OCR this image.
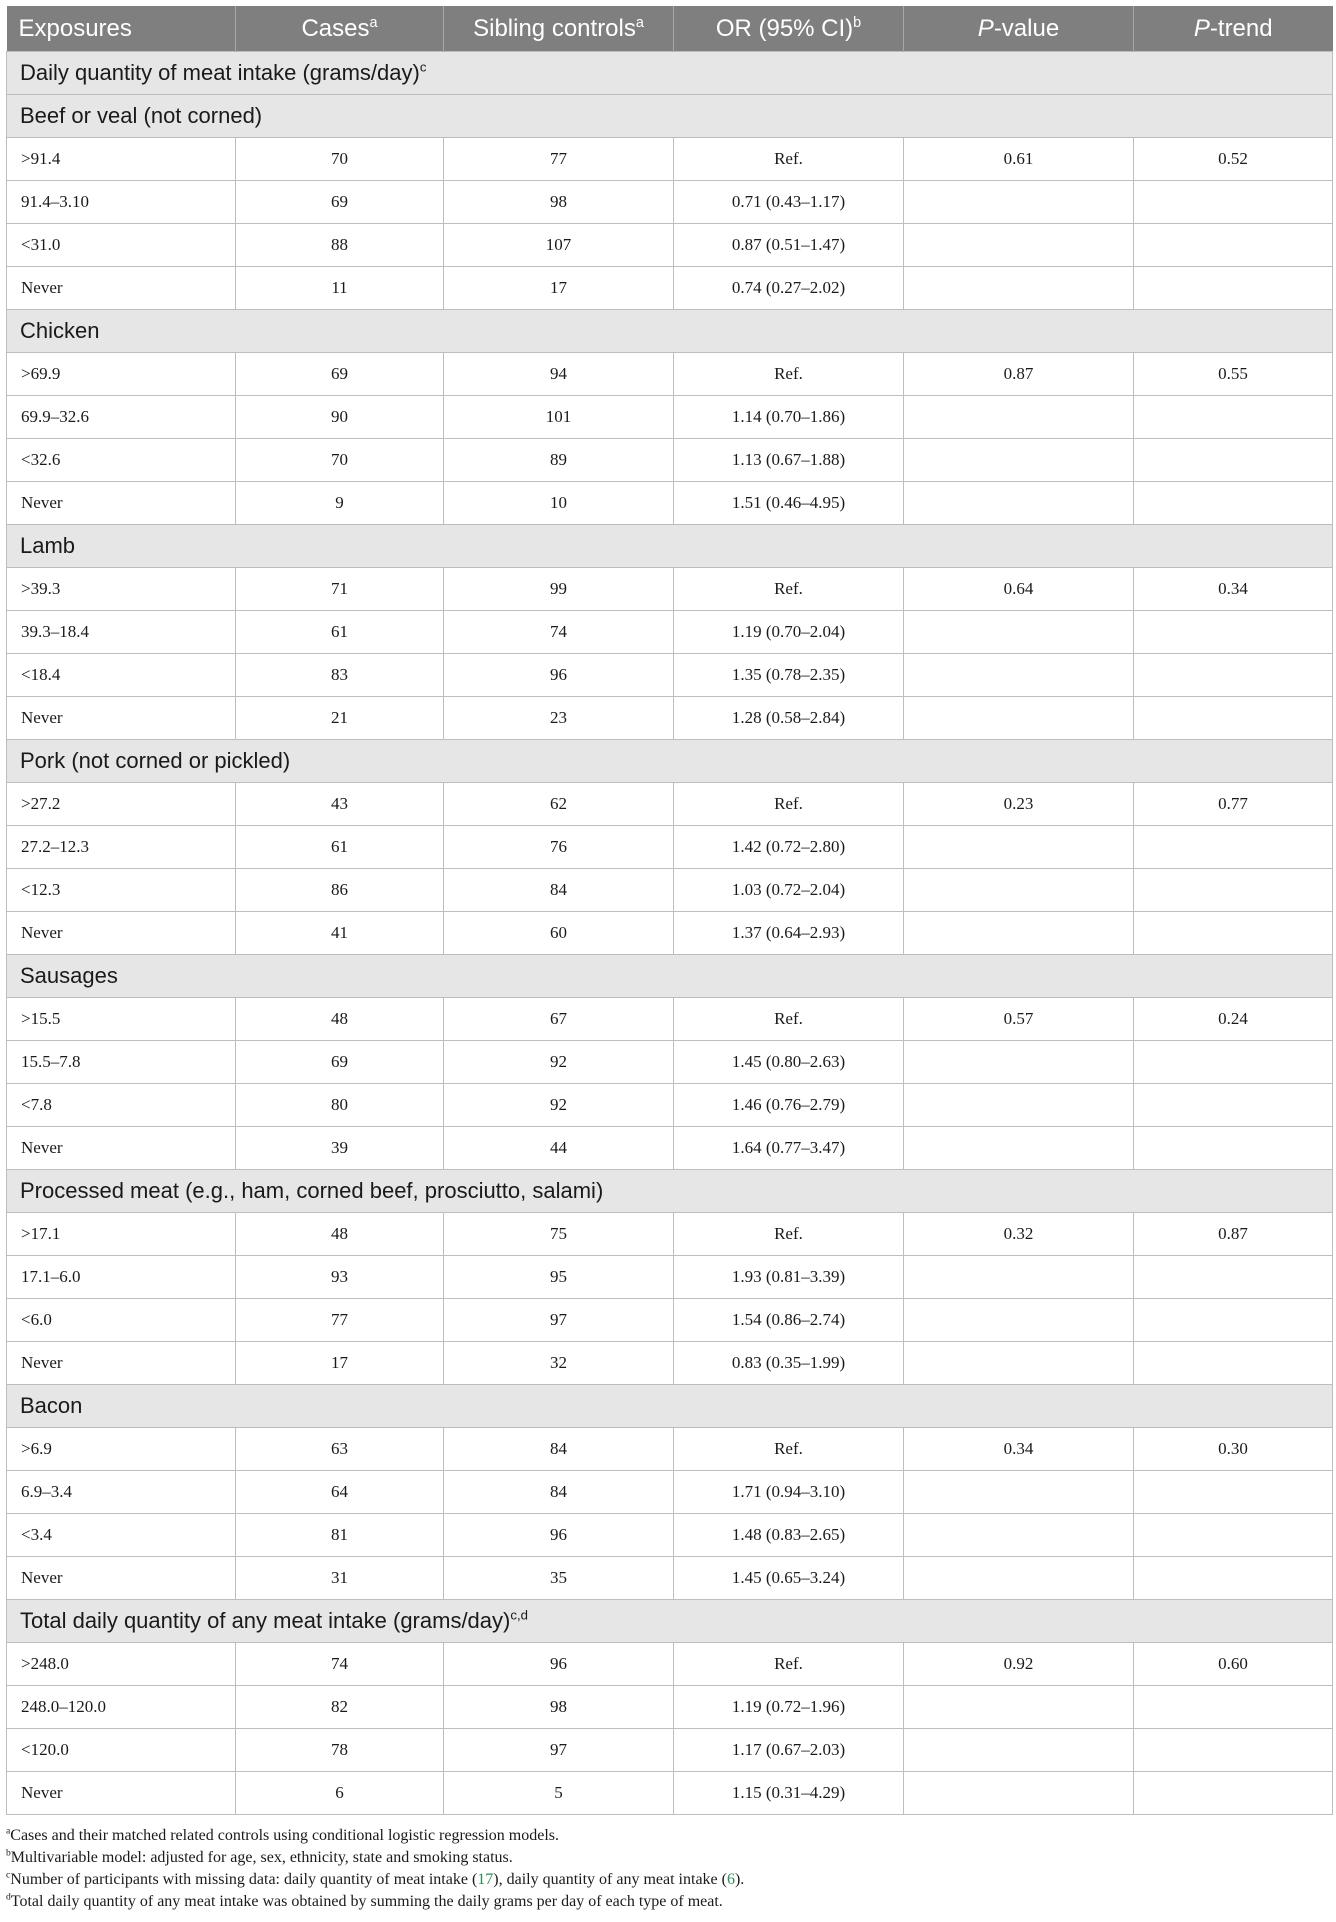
Exposures	Cases$^a$	Sibling controls$^a$	OR (95% CI)$^b$	P-value	P-trend
Daily quantity of meat intake (grams/day)$^c$
Beef or veal (not corned)					
>91.4	70	77	Ref.	0.61	0.52
91.4–3.10	69	98	0.71 (0.43–1.17)		
<31.0	88	107	0.87 (0.51–1.47)		
Never	11	17	0.74 (0.27–2.02)		
Chicken					
>69.9	69	94	Ref.	0.87	0.55
69.9–32.6	90	101	1.14 (0.70–1.86)		
<32.6	70	89	1.13 (0.67–1.88)		
Never	9	10	1.51 (0.46–4.95)		
Lamb					
>39.3	71	99	Ref.	0.64	0.34
39.3–18.4	61	74	1.19 (0.70–2.04)		
<18.4	83	96	1.35 (0.78–2.35)		
Never	21	23	1.28 (0.58–2.84)		
Pork (not corned or pickled)					
>27.2	43	62	Ref.	0.23	0.77
27.2–12.3	61	76	1.42 (0.72–2.80)		
<12.3	86	84	1.03 (0.72–2.04)		
Never	41	60	1.37 (0.64–2.93)		
Sausages					
>15.5	48	67	Ref.	0.57	0.24
15.5–7.8	69	92	1.45 (0.80–2.63)		
<7.8	80	92	1.46 (0.76–2.79)		
Never	39	44	1.64 (0.77–3.47)		
Processed meat (e.g., ham, corned beef, prosciutto, salami)					
>17.1	48	75	Ref.	0.32	0.87
17.1–6.0	93	95	1.93 (0.81–3.39)		
<6.0	77	97	1.54 (0.86–2.74)		
Never	17	32	0.83 (0.35–1.99)		
Bacon					
>6.9	63	84	Ref.	0.34	0.30
6.9–3.4	64	84	1.71 (0.94–3.10)		
<3.4	81	96	1.48 (0.83–2.65)		
Never	31	35	1.45 (0.65–3.24)		
Total daily quantity of any meat intake (grams/day)$^{c,d}$
>248.0	74	96	Ref.	0.92	0.60
248.0–120.0	82	98	1.19 (0.72–1.96)		
<120.0	78	97	1.17 (0.67–2.03)		
Never	6	5	1.15 (0.31–4.29)		
$^a$Cases and their matched related controls using conditional logistic regression models.
$^b$Multivariable model: adjusted for age, sex, ethnicity, state and smoking status.
$^c$Number of participants with missing data: daily quantity of meat intake (17), daily quantity of any meat intake (6).
$^d$Total daily quantity of any meat intake was obtained by summing the daily grams per day of each type of meat.
